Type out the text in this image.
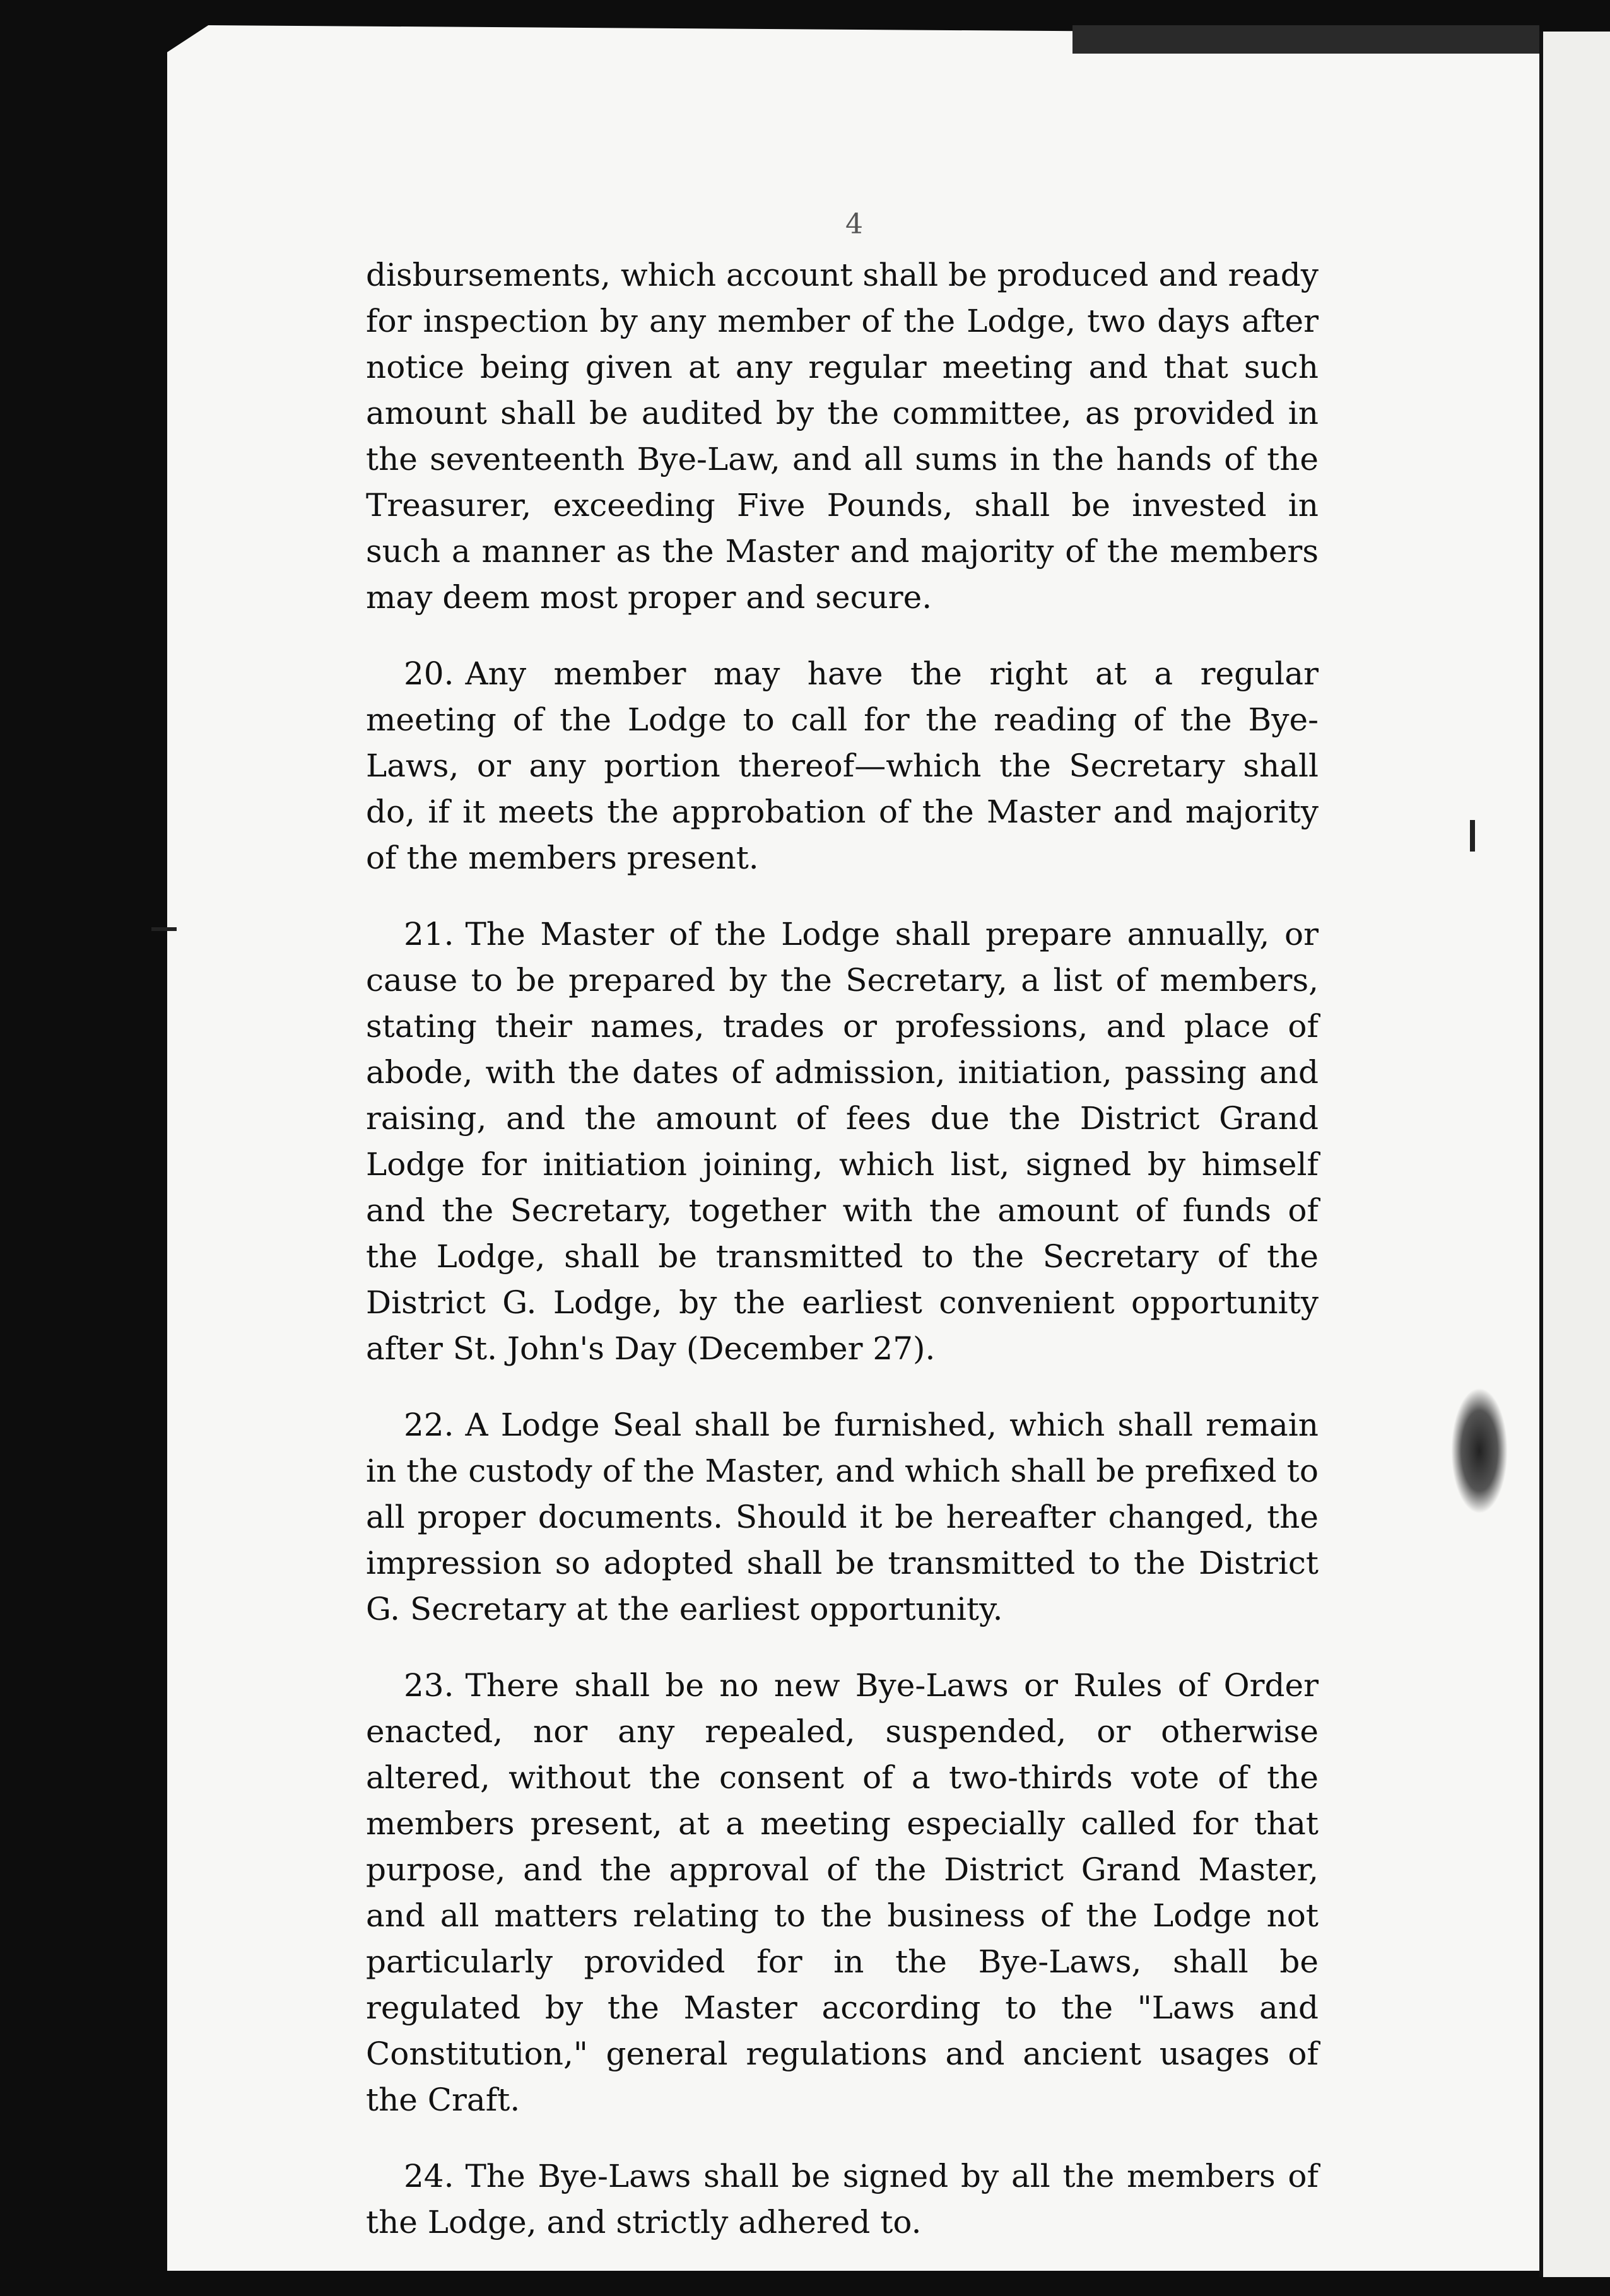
4

disbursements, which account shall be produced and ready for inspection by any member of the Lodge, two days after notice being given at any regular meeting and that such amount shall be audited by the committee, as provided in the seventeenth Bye-Law, and all sums in the hands of the Treasurer, exceeding Five Pounds, shall be invested in such a manner as the Master and majority of the members may deem most proper and secure.

20. Any member may have the right at a regular meeting of the Lodge to call for the reading of the Bye-Laws, or any portion thereof—which the Secretary shall do, if it meets the approbation of the Master and majority of the members present.

21. The Master of the Lodge shall prepare annually, or cause to be prepared by the Secretary, a list of members, stating their names, trades or professions, and place of abode, with the dates of admission, initiation, passing and raising, and the amount of fees due the District Grand Lodge for initiation joining, which list, signed by himself and the Secretary, together with the amount of funds of the Lodge, shall be transmitted to the Secretary of the District G. Lodge, by the earliest convenient opportunity after St. John's Day (December 27).

22. A Lodge Seal shall be furnished, which shall remain in the custody of the Master, and which shall be prefixed to all proper documents. Should it be hereafter changed, the impression so adopted shall be transmitted to the District G. Secretary at the earliest opportunity.

23. There shall be no new Bye-Laws or Rules of Order enacted, nor any repealed, suspended, or otherwise altered, without the consent of a two-thirds vote of the members present, at a meeting especially called for that purpose, and the approval of the District Grand Master, and all matters relating to the business of the Lodge not particularly provided for in the Bye-Laws, shall be regulated by the Master according to the "Laws and Constitution," general regulations and ancient usages of the Craft.

24. The Bye-Laws shall be signed by all the members of the Lodge, and strictly adhered to.
